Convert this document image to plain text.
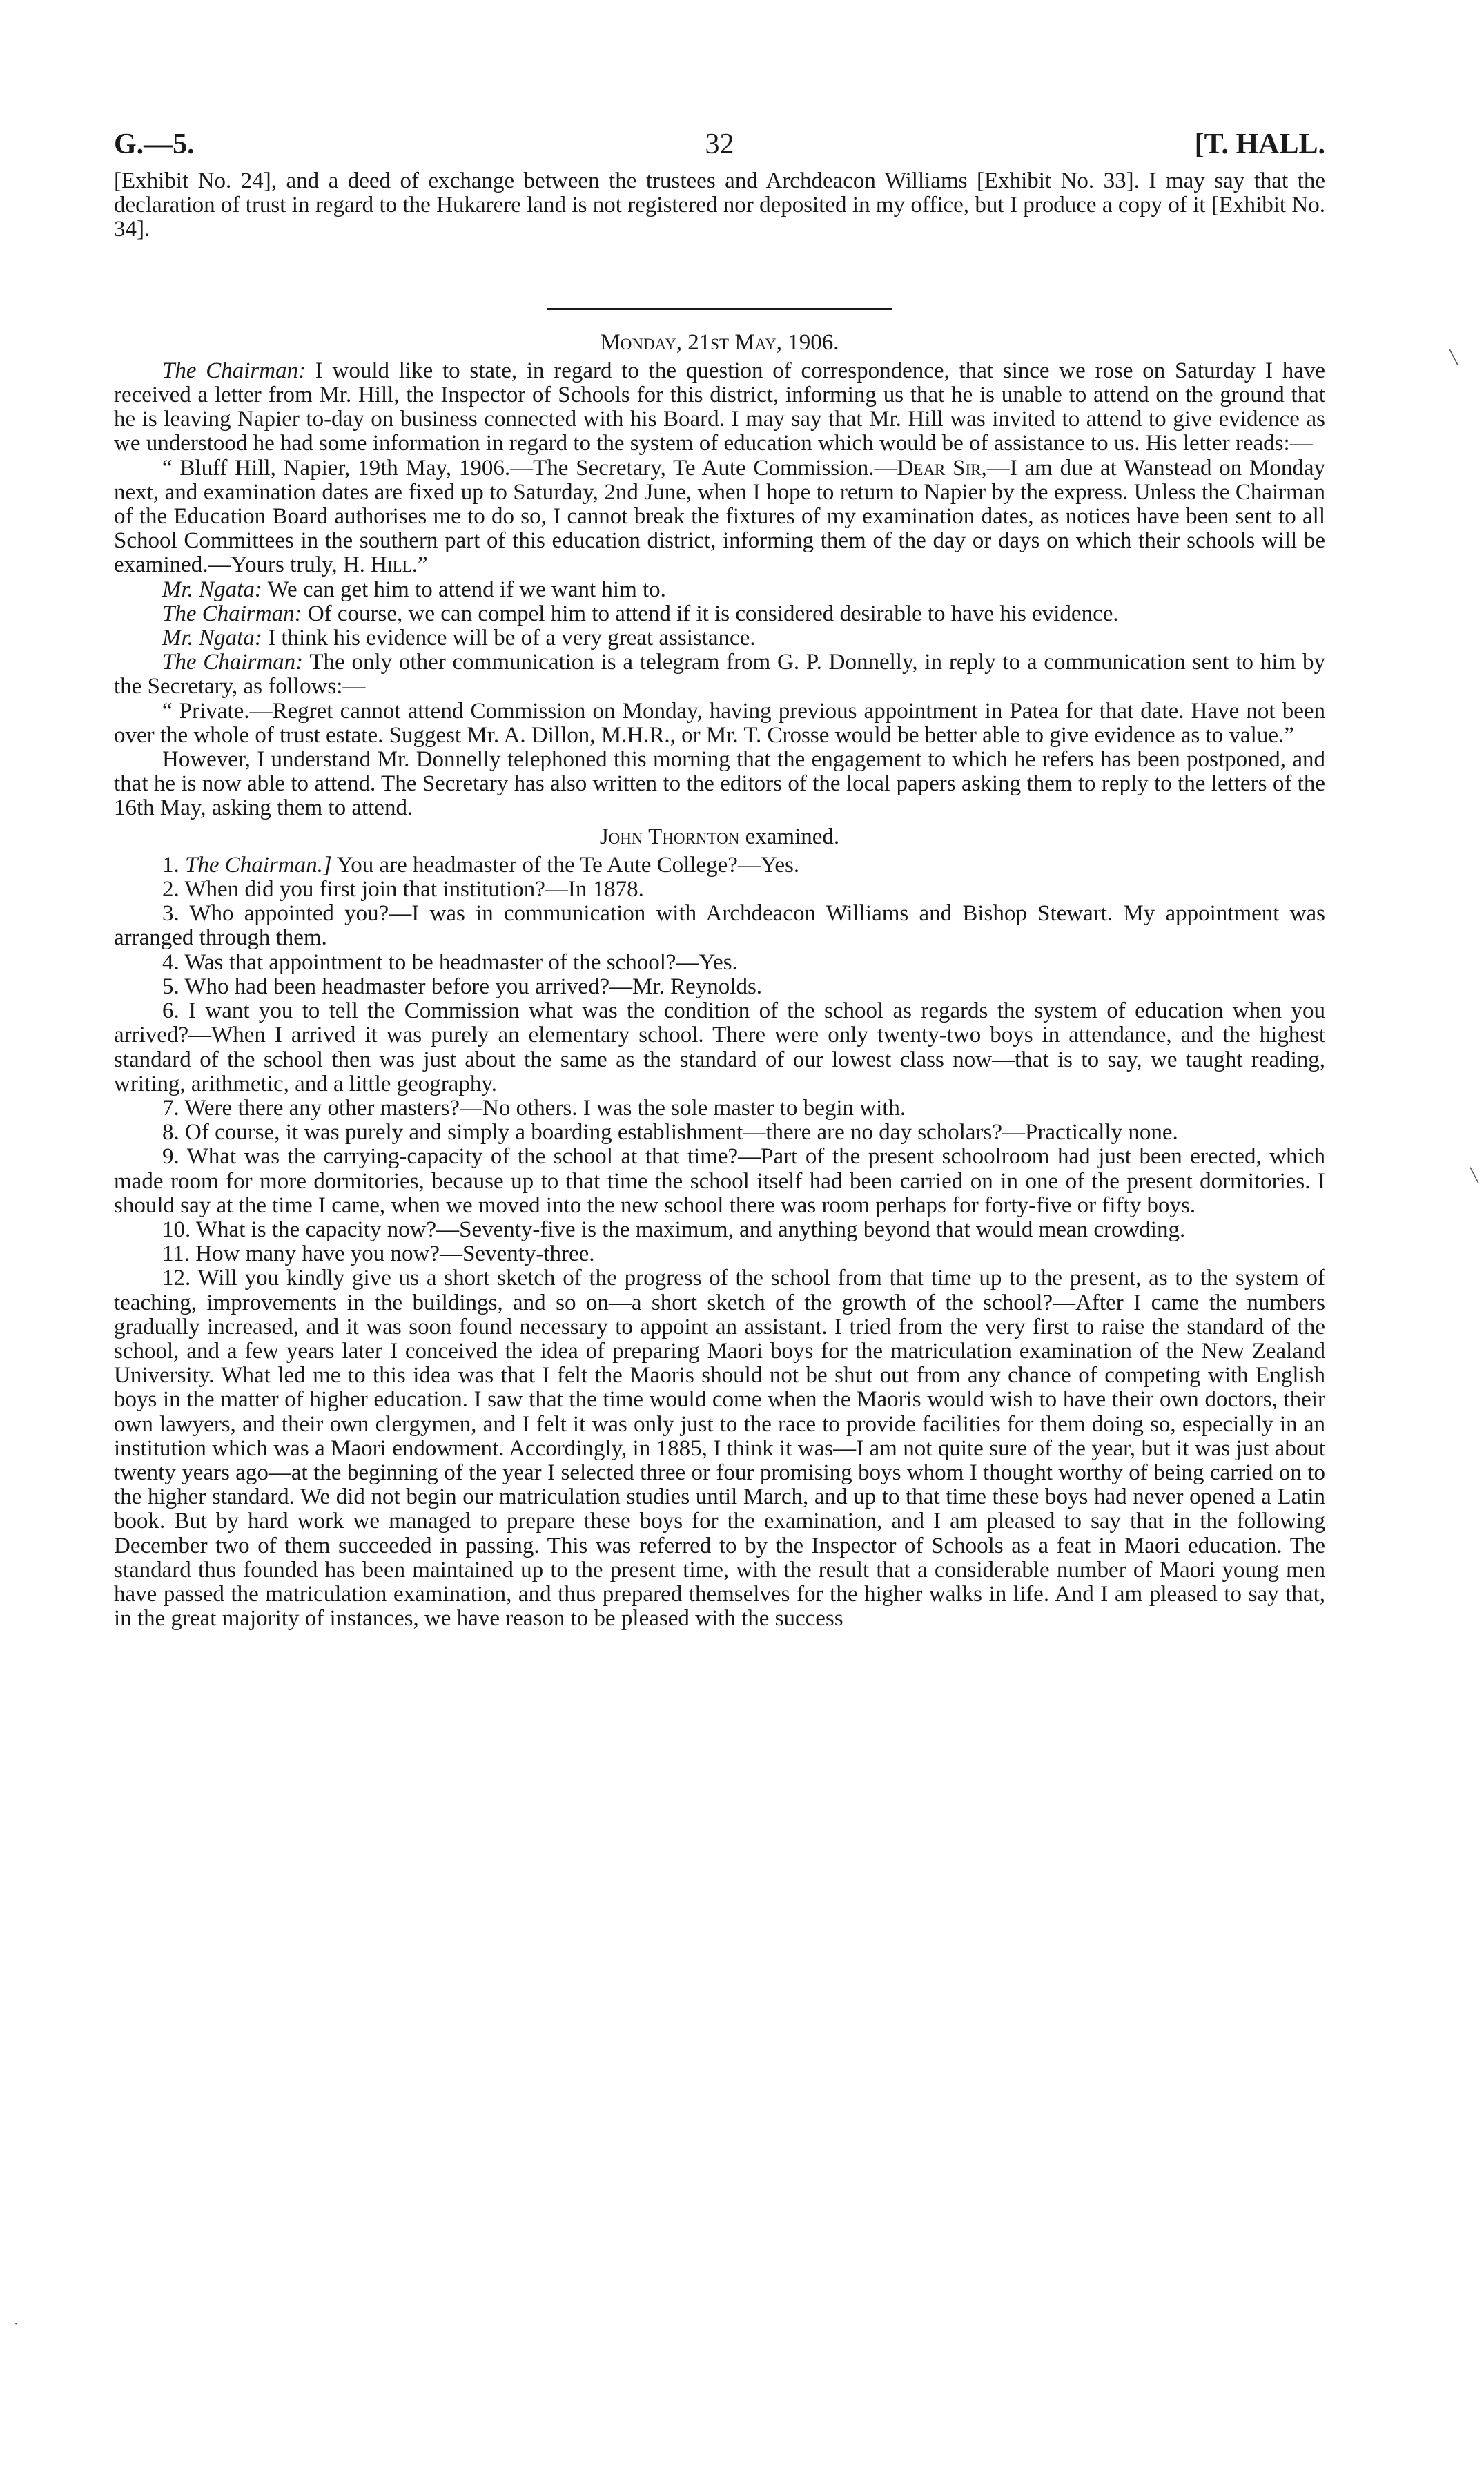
G.—5.	32	[T. HALL.

[Exhibit No. 24], and a deed of exchange between the trustees and Archdeacon Williams [Exhibit No. 33]. I may say that the declaration of trust in regard to the Hukarere land is not registered nor deposited in my office, but I produce a copy of it [Exhibit No. 34].

Monday, 21st May, 1906.

The Chairman: I would like to state, in regard to the question of correspondence, that since we rose on Saturday I have received a letter from Mr. Hill, the Inspector of Schools for this district, informing us that he is unable to attend on the ground that he is leaving Napier to-day on business connected with his Board. I may say that Mr. Hill was invited to attend to give evidence as we understood he had some information in regard to the system of education which would be of assistance to us. His letter reads:—

“ Bluff Hill, Napier, 19th May, 1906.—The Secretary, Te Aute Commission.—Dear Sir,—I am due at Wanstead on Monday next, and examination dates are fixed up to Saturday, 2nd June, when I hope to return to Napier by the express. Unless the Chairman of the Education Board authorises me to do so, I cannot break the fixtures of my examination dates, as notices have been sent to all School Committees in the southern part of this education district, informing them of the day or days on which their schools will be examined.—Yours truly, H. Hill.”

Mr. Ngata: We can get him to attend if we want him to.

The Chairman: Of course, we can compel him to attend if it is considered desirable to have his evidence.

Mr. Ngata: I think his evidence will be of a very great assistance.

The Chairman: The only other communication is a telegram from G. P. Donnelly, in reply to a communication sent to him by the Secretary, as follows:—

“ Private.—Regret cannot attend Commission on Monday, having previous appointment in Patea for that date. Have not been over the whole of trust estate. Suggest Mr. A. Dillon, M.H.R., or Mr. T. Crosse would be better able to give evidence as to value.”

However, I understand Mr. Donnelly telephoned this morning that the engagement to which he refers has been postponed, and that he is now able to attend. The Secretary has also written to the editors of the local papers asking them to reply to the letters of the 16th May, asking them to attend.

John Thornton examined.

1. The Chairman.] You are headmaster of the Te Aute College?—Yes.

2. When did you first join that institution?—In 1878.

3. Who appointed you?—I was in communication with Archdeacon Williams and Bishop Stewart. My appointment was arranged through them.

4. Was that appointment to be headmaster of the school?—Yes.

5. Who had been headmaster before you arrived?—Mr. Reynolds.

6. I want you to tell the Commission what was the condition of the school as regards the system of education when you arrived?—When I arrived it was purely an elementary school. There were only twenty-two boys in attendance, and the highest standard of the school then was just about the same as the standard of our lowest class now—that is to say, we taught reading, writing, arithmetic, and a little geography.

7. Were there any other masters?—No others. I was the sole master to begin with.

8. Of course, it was purely and simply a boarding establishment—there are no day scholars?—Practically none.

9. What was the carrying-capacity of the school at that time?—Part of the present schoolroom had just been erected, which made room for more dormitories, because up to that time the school itself had been carried on in one of the present dormitories. I should say at the time I came, when we moved into the new school there was room perhaps for forty-five or fifty boys.

10. What is the capacity now?—Seventy-five is the maximum, and anything beyond that would mean crowding.

11. How many have you now?—Seventy-three.

12. Will you kindly give us a short sketch of the progress of the school from that time up to the present, as to the system of teaching, improvements in the buildings, and so on—a short sketch of the growth of the school?—After I came the numbers gradually increased, and it was soon found necessary to appoint an assistant. I tried from the very first to raise the standard of the school, and a few years later I conceived the idea of preparing Maori boys for the matriculation examination of the New Zealand University. What led me to this idea was that I felt the Maoris should not be shut out from any chance of competing with English boys in the matter of higher education. I saw that the time would come when the Maoris would wish to have their own doctors, their own lawyers, and their own clergymen, and I felt it was only just to the race to provide facilities for them doing so, especially in an institution which was a Maori endowment. Accordingly, in 1885, I think it was—I am not quite sure of the year, but it was just about twenty years ago—at the beginning of the year I selected three or four promising boys whom I thought worthy of being carried on to the higher standard. We did not begin our matriculation studies until March, and up to that time these boys had never opened a Latin book. But by hard work we managed to prepare these boys for the examination, and I am pleased to say that in the following December two of them succeeded in passing. This was referred to by the Inspector of Schools as a feat in Maori education. The standard thus founded has been maintained up to the present time, with the result that a considerable number of Maori young men have passed the matriculation examination, and thus prepared themselves for the higher walks in life. And I am pleased to say that, in the great majority of instances, we have reason to be pleased with the success

╲
╲
·
